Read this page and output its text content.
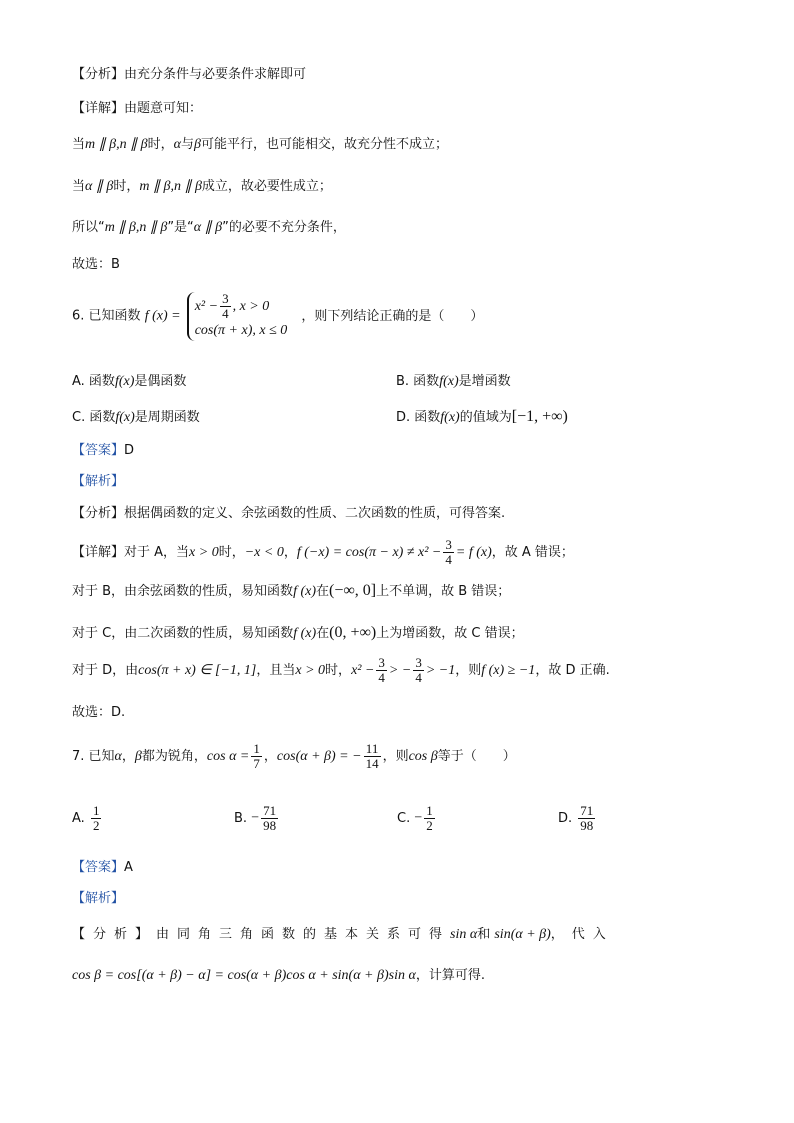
【分析】由充分条件与必要条件求解即可
【详解】由题意可知：
当m ∥ β,n ∥ β时，α与β可能平行，也可能相交，故充分性不成立；
当α ∥ β时，m ∥ β,n ∥ β成立，故必要性成立；
所以“m ∥ β,n ∥ β”是“α ∥ β”的必要不充分条件，
故选：B
6. 已知函数 f (x) =
$x^2 - \frac{3}{4}$ , x > 0
cos(π + x), x ≤ 0
，则下列结论正确的是（　　）
A. 函数f(x)是偶函数	B. 函数f(x)是增函数
C. 函数f(x)是周期函数	D. 函数f(x)的值域为[−1, +∞)
【答案】D
【解析】
【分析】根据偶函数的定义、余弦函数的性质、二次函数的性质，可得答案.
【详解】对于 A，当x > 0时，−x < 0，f $(-x) = \cos(\pi - x) \ne x^2 - \frac{3}{4} = f$ (x)，故 A 错误；
对于 B，由余弦函数的性质，易知函数f (x)在(−∞, 0]上不单调，故 B 错误；
对于 C，由二次函数的性质，易知函数f (x)在(0, +∞)上为增函数，故 C 错误；
对于 D，由cos(π + x) ∈ [−1, 1]，且当x > 0时，$x^2 - \frac{3}{4}$ > − $\frac{3}{4} > -1$，则f (x) ≥ −1，故 D 正确.
故选：D.
7. 已知α，β都为锐角，$\cos \alpha = \frac{1}{7}$ ，cos(α + β) = − $\frac{11}{14}$ ，则cos β等于（　　）
A. $\frac{1}{2}$	B. − $\frac{71}{98}$	C. − $\frac{1}{2}$	D. $\frac{71}{98}$
【答案】A
【解析】
【分析】由同角三角函数的基本关系可得sin α和 sin(α + β)，代入
cos β = cos[(α + β) − α] = cos(α + β)cos α + sin(α + β)sin α，计算可得.
